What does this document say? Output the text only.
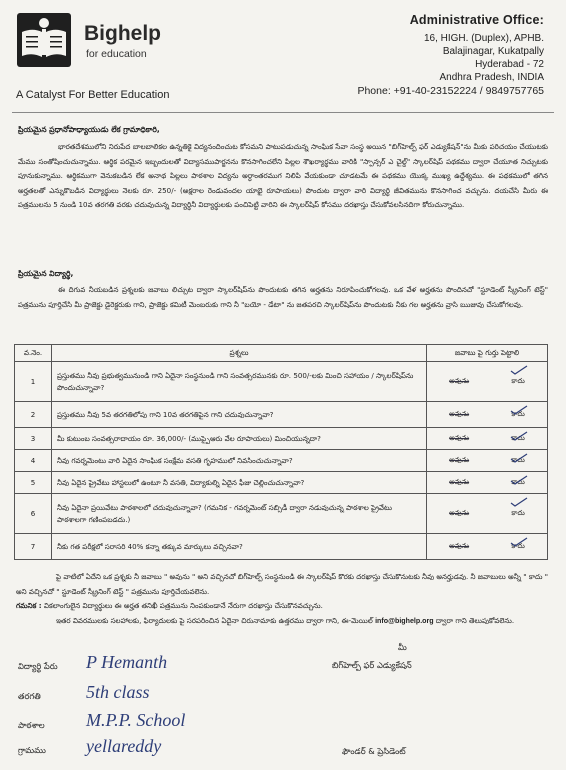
Bighelp
for education
A Catalyst For Better Education
Administrative Office:
16, HIGH. (Duplex), APHB.
Balajinagar, Kukatpally
Hyderabad - 72
Andhra Pradesh, INDIA
Phone: +91-40-23152224 / 9849757765
ప్రియమైన ప్రధానోపాధ్యాయుడు లేక గ్రామాధికారి,
భారతదేశములోని నిరుపేద బాలబాలికల ఉన్నతికై విద్యనందించుట కోసమని పాటుపడుచున్న సాంఘిక సేవా సంస్థ అయిన "బిగ్‌హెల్ప్ ఫర్ ఎడ్యుకేషన్"ను మీకు పరిచయం చేయుటకు మేము సంతోషించుచున్నాము. ఆర్థిక పరమైన ఇబ్బందులతో విద్యాసముపార్జనను కొనసాగించలేని పిల్లల శౌఖర్యార్థము వారికి "స్పాన్సర్ ఎ చైల్డ్" స్కాలర్‌షిప్ పథకము ద్వారా చేయూత నిచ్చుటకు పూనుకున్నాము. ఆర్థికముగా వెనుకబడిన లేక అనాథ పిల్లలు పాఠశాల విద్యను అర్ధాంతరముగ నిలిపి వేయకుండా చూడటమే ఈ పథకము యొక్క ముఖ్య ఉద్దేశ్యము. ఈ పథకములో తగిన అర్హతలతో ఎన్నుకొబడిన విద్యార్థులు నెలకు రూ. 250/- (అక్షరాల రెండువందల యాభై రూపాయలు) పొందుట ద్వారా వారి విద్యార్థి జీవితమును కొనసాగించ వచ్చును. దయచేసి మీరు ఈ పత్రములను 5 నుండి 10వ తరగతి వరకు చదువుచున్న విద్యార్థినీ విద్యార్థులకు పంచిపెట్టి వారిని ఈ స్కాలర్‌షిప్ కోసము దరఖాస్తు చేసుకోవలసినదిగా కోరుచున్నాము.
ప్రియమైన విద్యార్థి,
ఈ దిగువ నీయబడిన ప్రశ్నలకు జవాబు లిచ్చుట ద్వారా స్కాలర్‌షిప్‌ను పొందుటకు తగిన అర్హతను నిరూపించుకోగలవు. ఒక వేళ అర్హతను పొందినచో "స్టూడెంట్ స్క్రీనింగ్ టెస్ట్" పత్రమును పూర్తిచేసి మీ ప్రాజెక్టు డైరెక్టరుకు గాని, ప్రాజెక్టు కమిటీ మెంబరుకు గాని నీ "బయో - డేటా" ను జతపరచి స్కాలర్‌షిప్‌ను పొందుటకు నీకు గల అర్హతను వ్రాసి ఋజువు చేసుకోగలవు.
వ.నెం.	ప్రశ్నలు	జవాబు పై గుర్తు పెట్టాలి
1	ప్రస్తుతము నీవు ప్రభుత్వమునుండి గాని ఏదైనా సంస్థనుండి గాని సంవత్సరమునకు రూ. 500/-లకు మించి సహాయం / స్కాలర్‌షిప్‌ను పొందుచున్నావా?	అవును కాదు

2	ప్రస్తుతము నీవు 5వ తరగతిలోపు గాని 10వ తరగతిపైన గాని చదువుచున్నావా?	అవును కాదు

3	మీ కుటుంబ సంవత్సరాదాయం రూ. 36,000/- (ముప్పైఆరు వేల రూపాయలు) మించియున్నదా?	అవును కాదు

4	నీవు గవర్నమెంటు వారి ఏదైన సాంఘిక సంక్షేమ వసతి గృహములో నివసించుచున్నావా?	అవును కాదు

5	నీవు ఏదైన ప్రైవేటు హాస్టలులో ఉంటూ నీ వసతి, విద్యాకుల్ని ఏదైన ఫీజు చెల్లించుచున్నావా?	అవును కాదు

6	నీవు ఏదైనా ప్రయివేటు పాఠశాలలో చదువుచున్నావా? (గమనిక - గవర్నమెంట్ సబ్సిడీ ద్వారా నడువుచున్న పాఠశాల ప్రైవేటు పాఠశాలగా గణింపబడదు.)	అవును కాదు

7	నీకు గత పరీక్షలో సరాసరి 40% కన్నా తక్కువ మార్కులు వచ్చినవా?	అవును కాదు
పై వాటిలో ఏదేని ఒక ప్రశ్నకు నీ జవాబు " అవును " అని వచ్చినచో బిగ్‌హెల్ప్ సంస్థనుండి ఈ స్కాలర్‌షిప్ కొరకు దరఖాస్తు చేసుకొనుటకు నీవు అనర్హుడవు. నీ జవాబులు అన్నీ " కాదు " అని వచ్చినచో " స్టూడెంట్ స్క్రీనింగ్ టెస్ట్ " పత్రమును పూర్తిచేయవలెను.
గమనిక : వికలాంగులైన విద్యార్థులు ఈ అర్హత తనిఖీ పత్రమును నింపకుండానే నేరుగా దరఖాస్తు చేసుకొనవచ్చును.
ఇతర వివరములకు సలహాలకు, ఫిర్యాదులకు పై సరపరించిన ఏదైనా చిరునామాకు ఉత్తరము ద్వారా గాని, ఈ-మెయిల్ info@bighelp.org ద్వారా గాని తెలుపుకోవలెను.
విద్యార్థి పేరు P Hemanth
తరగతి	5th class
పాఠశాల M.P.P. School
గ్రామము yellareddy
మీ
బిగ్‌హెల్ప్ ఫర్ ఎడ్యుకేషన్
ఫౌండర్ & ప్రెసిడెంట్
